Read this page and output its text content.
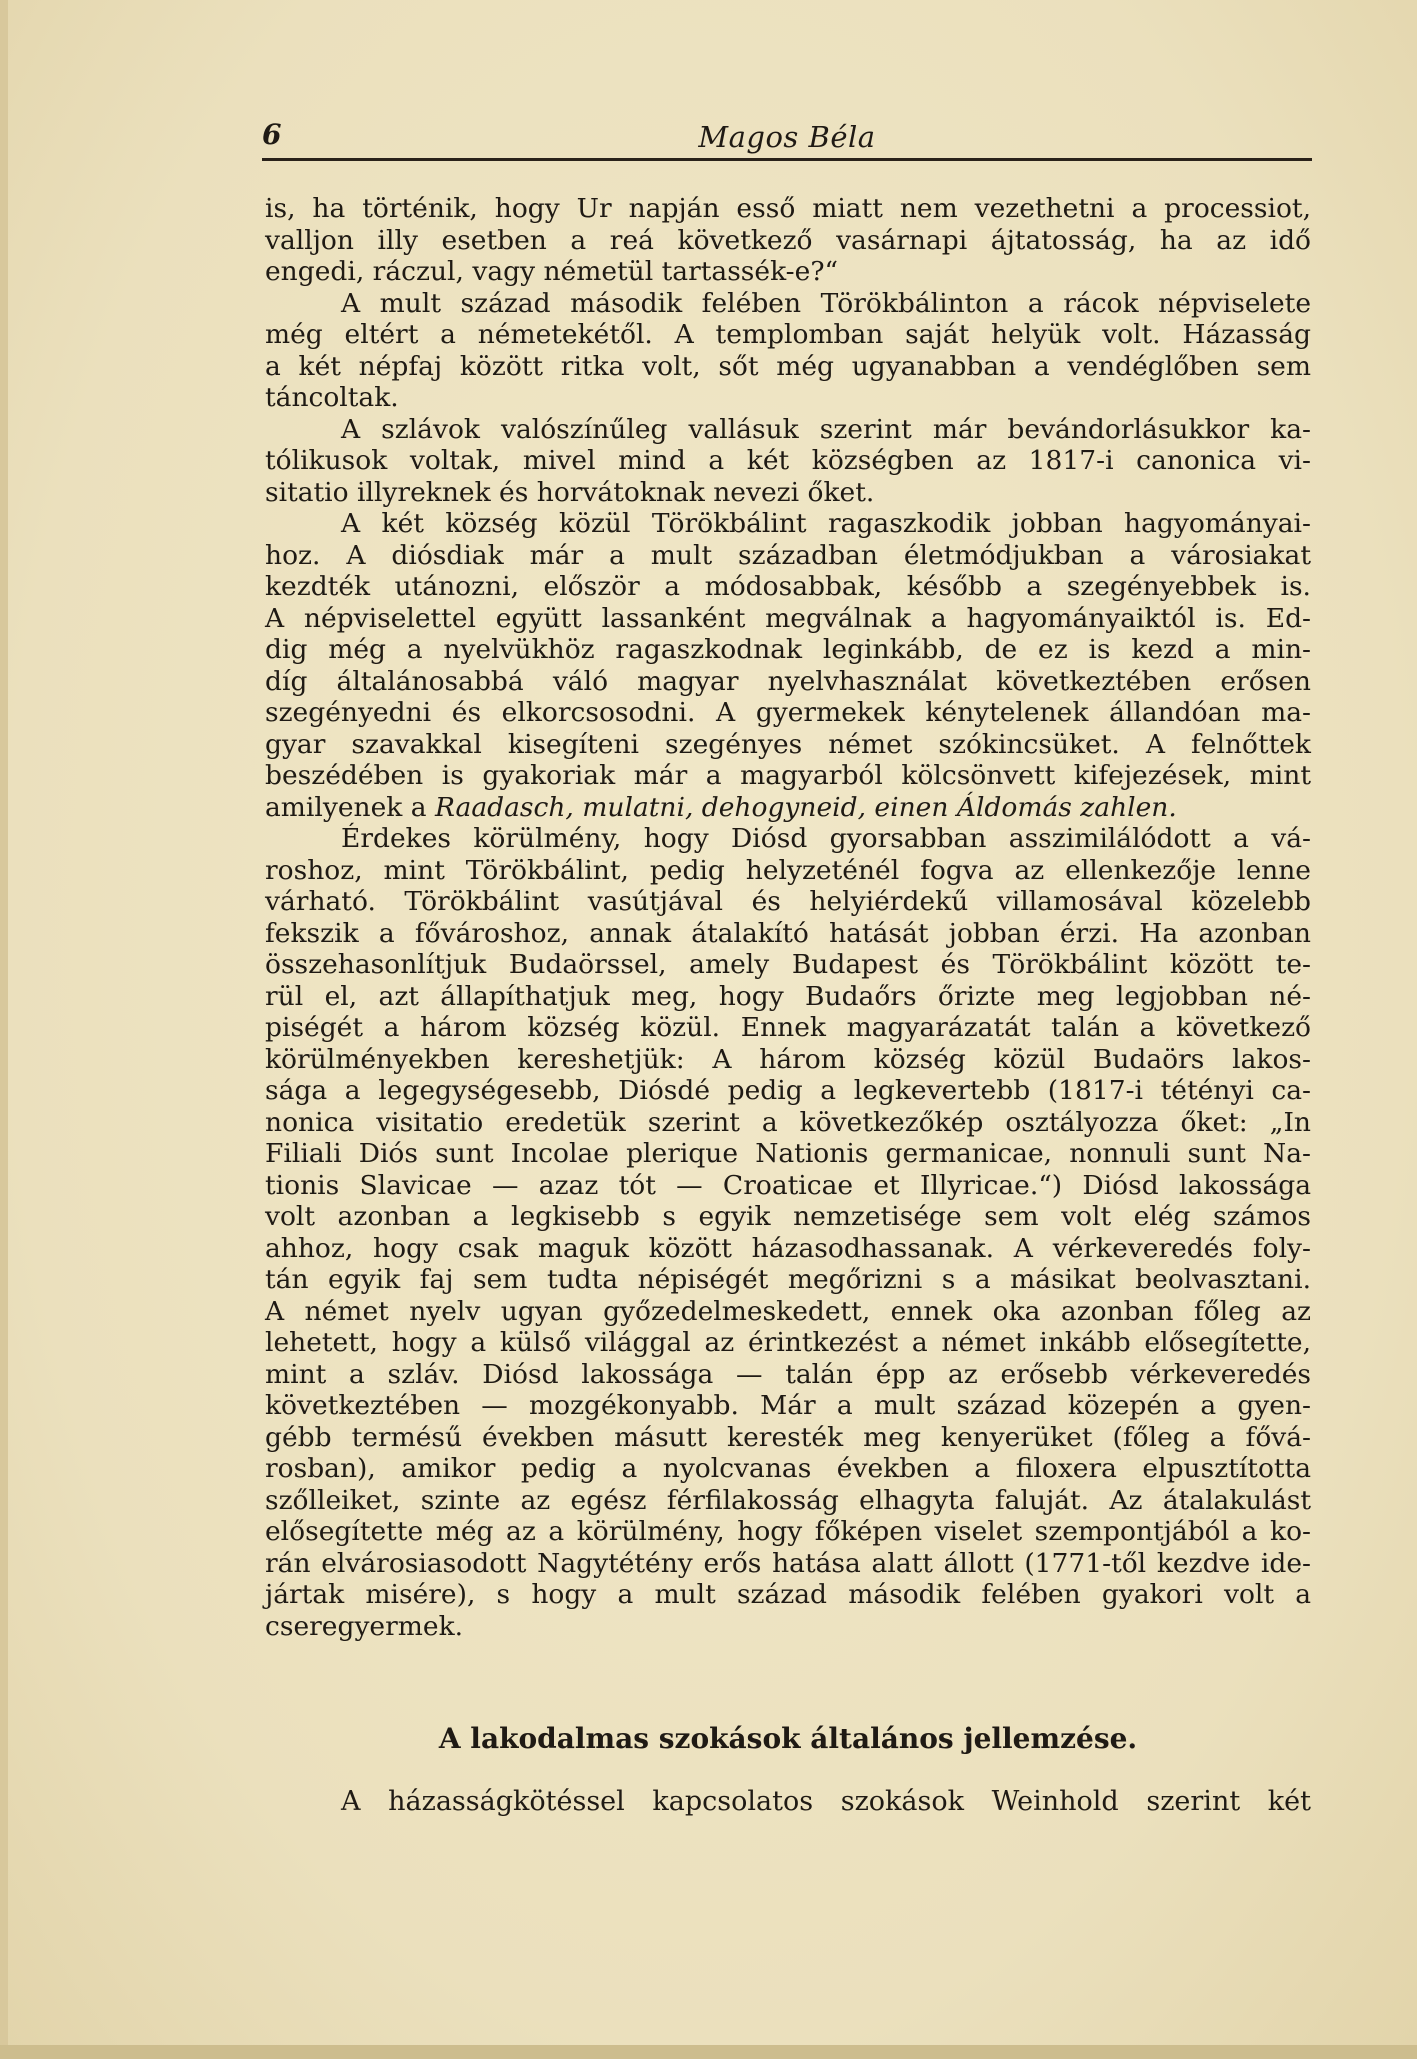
6	Magos Béla

is, ha történik, hogy Ur napján esső miatt nem vezethetni a processiot,
valljon illy esetben a reá következő vasárnapi ájtatosság, ha az idő
engedi, ráczul, vagy németül tartassék-e?“

A mult század második felében Törökbálinton a rácok népviselete
még eltért a németekétől. A templomban saját helyük volt. Házasság
a két népfaj között ritka volt, sőt még ugyanabban a vendéglőben sem
táncoltak.

A szlávok valószínűleg vallásuk szerint már bevándorlásukkor ka-
tólikusok voltak, mivel mind a két községben az 1817-i canonica vi-
sitatio illyreknek és horvátoknak nevezi őket.

A két község közül Törökbálint ragaszkodik jobban hagyományai-
hoz. A diósdiak már a mult században életmódjukban a városiakat
kezdték utánozni, először a módosabbak, később a szegényebbek is.
A népviselettel együtt lassanként megválnak a hagyományaiktól is. Ed-
dig még a nyelvükhöz ragaszkodnak leginkább, de ez is kezd a min-
díg általánosabbá váló magyar nyelvhasználat következtében erősen
szegényedni és elkorcsosodni. A gyermekek kénytelenek állandóan ma-
gyar szavakkal kisegíteni szegényes német szókincsüket. A felnőttek
beszédében is gyakoriak már a magyarból kölcsönvett kifejezések, mint
amilyenek a Raadasch, mulatni, dehogyneid, einen Áldomás zahlen.

Érdekes körülmény, hogy Diósd gyorsabban asszimilálódott a vá-
roshoz, mint Törökbálint, pedig helyzeténél fogva az ellenkezője lenne
várható. Törökbálint vasútjával és helyiérdekű villamosával közelebb
fekszik a fővároshoz, annak átalakító hatását jobban érzi. Ha azonban
összehasonlítjuk Budaörssel, amely Budapest és Törökbálint között te-
rül el, azt állapíthatjuk meg, hogy Budaőrs őrizte meg legjobban né-
piségét a három község közül. Ennek magyarázatát talán a következő
körülményekben kereshetjük: A három község közül Budaörs lakos-
sága a legegységesebb, Diósdé pedig a legkevertebb (1817-i tétényi ca-
nonica visitatio eredetük szerint a következőkép osztályozza őket: „In
Filiali Diós sunt Incolae plerique Nationis germanicae, nonnuli sunt Na-
tionis Slavicae — azaz tót — Croaticae et Illyricae.“) Diósd lakossága
volt azonban a legkisebb s egyik nemzetisége sem volt elég számos
ahhoz, hogy csak maguk között házasodhassanak. A vérkeveredés foly-
tán egyik faj sem tudta népiségét megőrizni s a másikat beolvasztani.
A német nyelv ugyan győzedelmeskedett, ennek oka azonban főleg az
lehetett, hogy a külső világgal az érintkezést a német inkább elősegítette,
mint a szláv. Diósd lakossága — talán épp az erősebb vérkeveredés
következtében — mozgékonyabb. Már a mult század közepén a gyen-
gébb termésű években másutt keresték meg kenyerüket (főleg a fővá-
rosban), amikor pedig a nyolcvanas években a filoxera elpusztította
szőlleiket, szinte az egész férfilakosság elhagyta faluját. Az átalakulást
elősegítette még az a körülmény, hogy főképen viselet szempontjából a ko-
rán elvárosiasodott Nagytétény erős hatása alatt állott (1771-től kezdve ide-
jártak misére), s hogy a mult század második felében gyakori volt a
cseregyermek.

A lakodalmas szokások általános jellemzése.
A házasságkötéssel kapcsolatos szokások Weinhold szerint két
